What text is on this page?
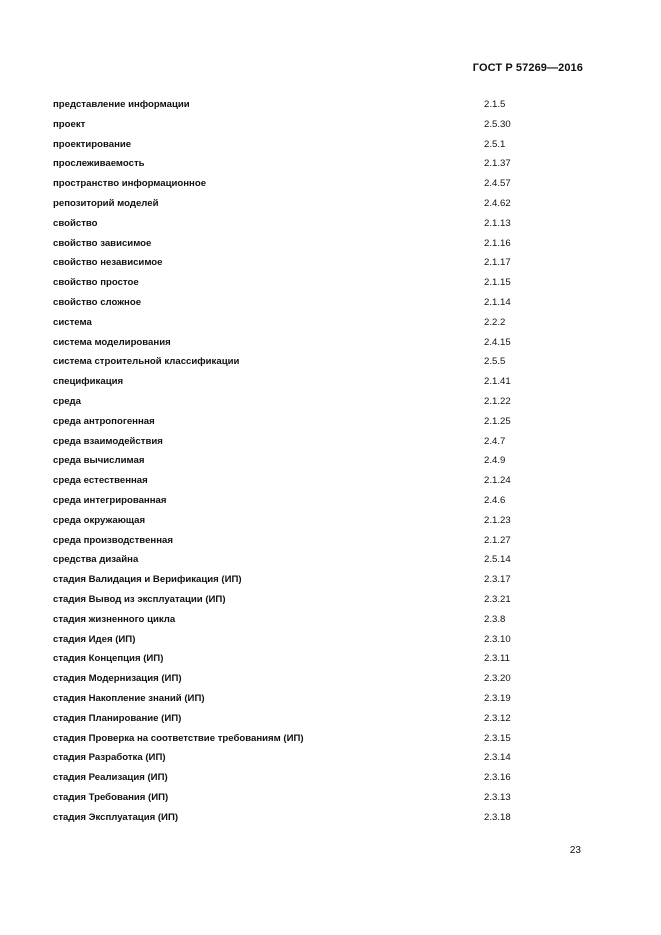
ГОСТ Р 57269—2016
представление информации	2.1.5
проект	2.5.30
проектирование	2.5.1
прослеживаемость	2.1.37
пространство информационное	2.4.57
репозиторий моделей	2.4.62
свойство	2.1.13
свойство зависимое	2.1.16
свойство независимое	2.1.17
свойство простое	2.1.15
свойство сложное	2.1.14
система	2.2.2
система моделирования	2.4.15
система строительной классификации	2.5.5
спецификация	2.1.41
среда	2.1.22
среда антропогенная	2.1.25
среда взаимодействия	2.4.7
среда вычислимая	2.4.9
среда естественная	2.1.24
среда интегрированная	2.4.6
среда окружающая	2.1.23
среда производственная	2.1.27
средства дизайна	2.5.14
стадия Валидация и Верификация (ИП)	2.3.17
стадия Вывод из эксплуатации (ИП)	2.3.21
стадия жизненного цикла	2.3.8
стадия Идея (ИП)	2.3.10
стадия Концепция (ИП)	2.3.11
стадия Модернизация (ИП)	2.3.20
стадия Накопление знаний (ИП)	2.3.19
стадия Планирование (ИП)	2.3.12
стадия Проверка на соответствие требованиям (ИП)	2.3.15
стадия Разработка (ИП)	2.3.14
стадия Реализация (ИП)	2.3.16
стадия Требования (ИП)	2.3.13
стадия Эксплуатация (ИП)	2.3.18
23
